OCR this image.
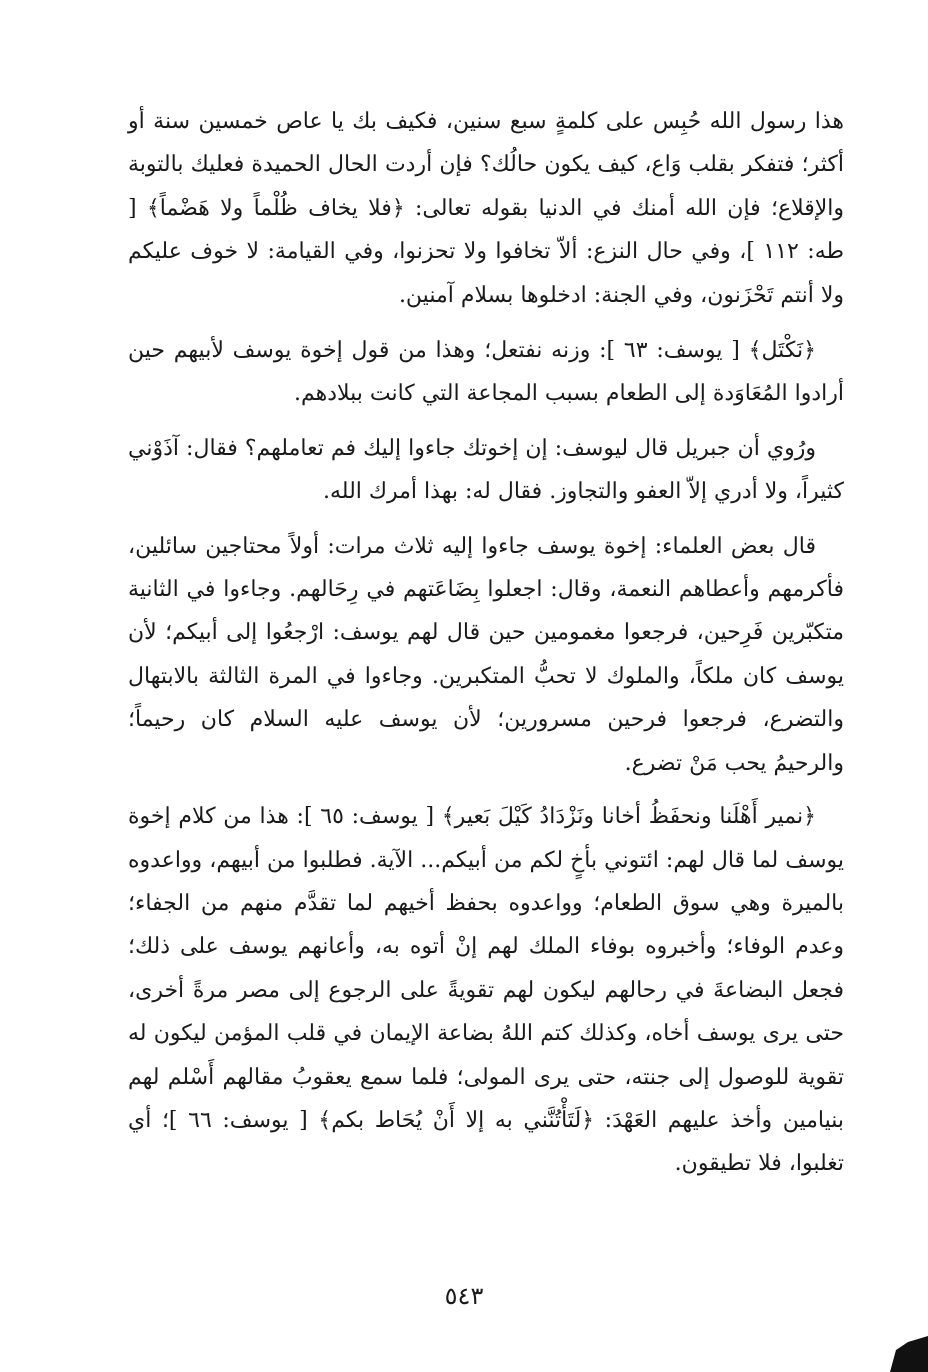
هذا رسول الله حُبِس على كلمةٍ سبع سنين، فكيف بك يا عاص خمسين سنة أو أكثر؛ فتفكر بقلب وَاع، كيف يكون حالُك؟ فإن أردت الحال الحميدة فعليك بالتوبة والإقلاع؛ فإن الله أمنك في الدنيا بقوله تعالى: ﴿فلا يخاف ظُلْماً ولا هَضْماً﴾ [ طه: ١١٢ ]، وفي حال النزع: ألاّ تخافوا ولا تحزنوا، وفي القيامة: لا خوف عليكم ولا أنتم تَحْزَنون، وفي الجنة: ادخلوها بسلام آمنين.

﴿نَكْتَل﴾ [ يوسف: ٦٣ ]: وزنه نفتعل؛ وهذا من قول إخوة يوسف لأبيهم حين أرادوا المُعَاوَدة إلى الطعام بسبب المجاعة التي كانت ببلادهم.

ورُوي أن جبريل قال ليوسف: إن إخوتك جاءوا إليك فم تعاملهم؟ فقال: آذَوْني كثيراً، ولا أدري إلاّ العفو والتجاوز. فقال له: بهذا أمرك الله.

قال بعض العلماء: إخوة يوسف جاءوا إليه ثلاث مرات: أولاً محتاجين سائلين، فأكرمهم وأعطاهم النعمة، وقال: اجعلوا بِضَاعَتهم في رِحَالهم. وجاءوا في الثانية متكبّرين فَرِحين، فرجعوا مغمومين حين قال لهم يوسف: ارْجعُوا إلى أبيكم؛ لأن يوسف كان ملكاً، والملوك لا تحبُّ المتكبرين. وجاءوا في المرة الثالثة بالابتهال والتضرع، فرجعوا فرحين مسرورين؛ لأن يوسف عليه السلام كان رحيماً؛ والرحيمُ يحب مَنْ تضرع.

﴿نمير أَهْلَنا ونحفَظُ أخانا ونَزْدَادُ كَيْلَ بَعير﴾ [ يوسف: ٦٥ ]: هذا من كلام إخوة يوسف لما قال لهم: ائتوني بأخٍ لكم من أبيكم... الآية. فطلبوا من أبيهم، وواعدوه بالميرة وهي سوق الطعام؛ وواعدوه بحفظ أخيهم لما تقدَّم منهم من الجفاء؛ وعدم الوفاء؛ وأخبروه بوفاء الملك لهم إنْ أتوه به، وأعانهم يوسف على ذلك؛ فجعل البضاعةَ في رحالهم ليكون لهم تقويةً على الرجوع إلى مصر مرةً أخرى، حتى يرى يوسف أخاه، وكذلك كتم اللهُ بضاعة الإيمان في قلب المؤمن ليكون له تقوية للوصول إلى جنته، حتى يرى المولى؛ فلما سمع يعقوبُ مقالهم أَسْلم لهم بنيامين وأخذ عليهم العَهْدَ: ﴿لَتَأْتُنَّني به إلا أَنْ يُحَاط بكم﴾ [ يوسف: ٦٦ ]؛ أي تغلبوا، فلا تطيقون.

٥٤٣
